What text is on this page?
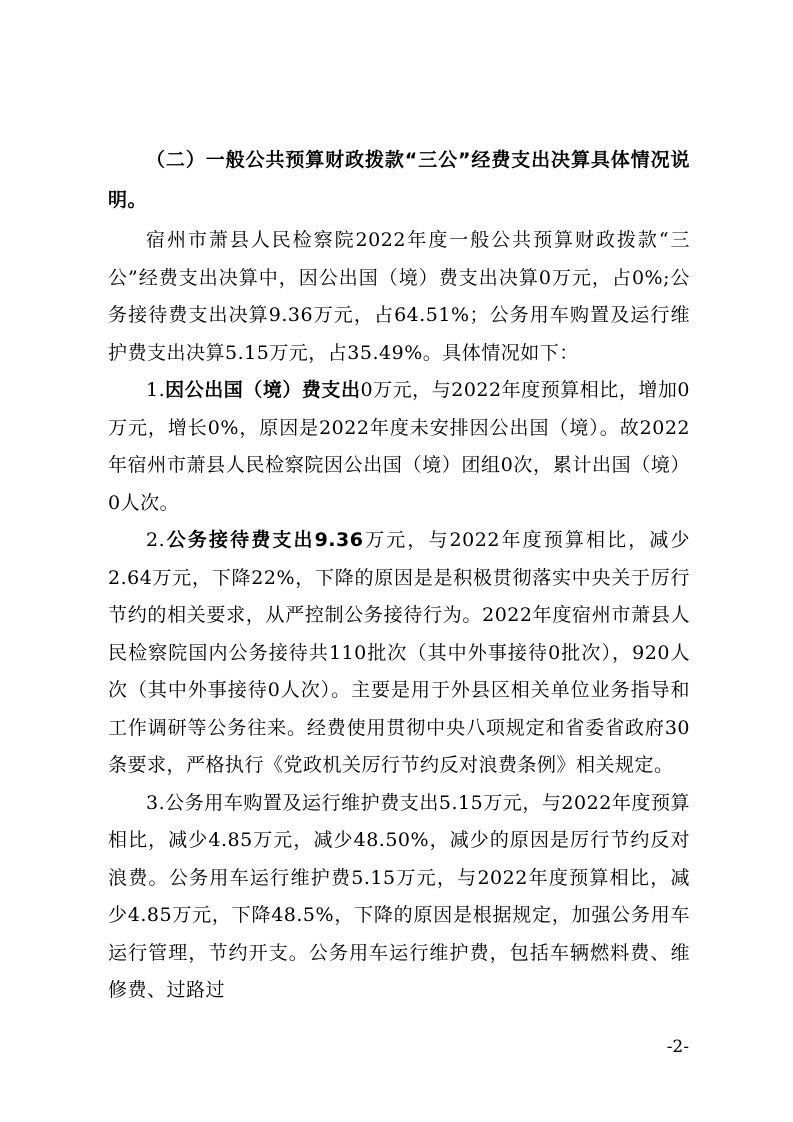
（二）一般公共预算财政拨款“三公”经费支出决算具体情况说明。

宿州市萧县人民检察院2022年度一般公共预算财政拨款“三公”经费支出决算中，因公出国（境）费支出决算0万元，占0%;公务接待费支出决算9.36万元，占64.51%；公务用车购置及运行维护费支出决算5.15万元，占35.49%。具体情况如下：

1.因公出国（境）费支出0万元，与2022年度预算相比，增加0万元，增长0%，原因是2022年度未安排因公出国（境）。故2022年宿州市萧县人民检察院因公出国（境）团组0次，累计出国（境）0人次。

2.公务接待费支出9.36万元，与2022年度预算相比，减少2.64万元，下降22%，下降的原因是是积极贯彻落实中央关于厉行节约的相关要求，从严控制公务接待行为。2022年度宿州市萧县人民检察院国内公务接待共110批次（其中外事接待0批次），920人次（其中外事接待0人次）。主要是用于外县区相关单位业务指导和工作调研等公务往来。经费使用贯彻中央八项规定和省委省政府30条要求，严格执行《党政机关厉行节约反对浪费条例》相关规定。

3.公务用车购置及运行维护费支出5.15万元，与2022年度预算相比，减少4.85万元，减少48.50%，减少的原因是厉行节约反对浪费。公务用车运行维护费5.15万元，与2022年度预算相比，减少4.85万元，下降48.5%，下降的原因是根据规定，加强公务用车运行管理，节约开支。公务用车运行维护费，包括车辆燃料费、维修费、过路过

-2-
